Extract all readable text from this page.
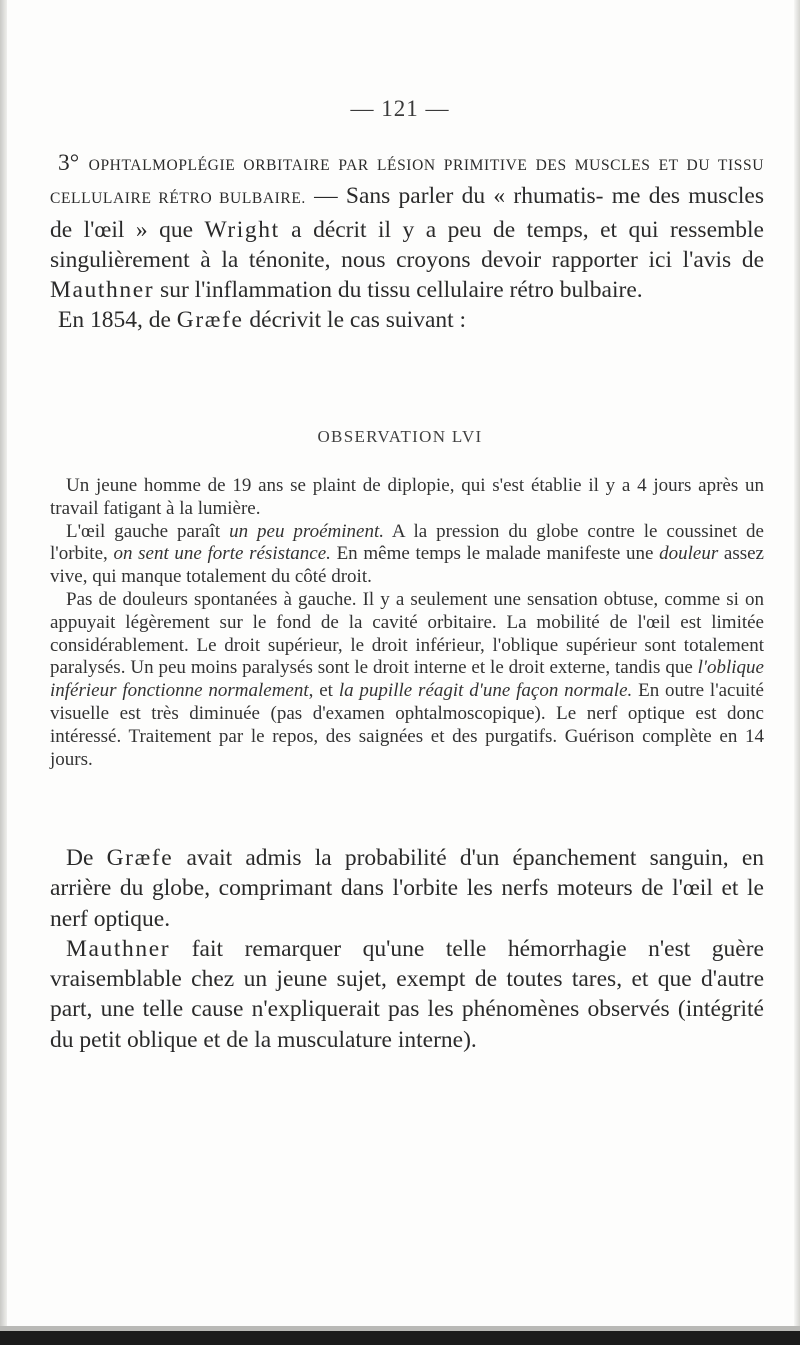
— 121 —
3° OPHTALMOPLÉGIE ORBITAIRE PAR LÉSION PRIMITIVE DES MUSCLES ET DU TISSU CELLULAIRE RÉTRO BULBAIRE. — Sans parler du « rhumatis- me des muscles de l'œil » que Wright a décrit il y a peu de temps, et qui ressemble singulièrement à la ténonite, nous croyons devoir rapporter ici l'avis de Mauthner sur l'inflammation du tissu cellulaire rétro bulbaire.
En 1854, de Græfe décrivit le cas suivant :
OBSERVATION LVI

Un jeune homme de 19 ans se plaint de diplopie, qui s'est établie il y a 4 jours après un travail fatigant à la lumière.

L'œil gauche paraît un peu proéminent. A la pression du globe contre le coussinet de l'orbite, on sent une forte résistance. En même temps le malade manifeste une douleur assez vive, qui manque totalement du côté droit.

Pas de douleurs spontanées à gauche. Il y a seulement une sensation obtuse, comme si on appuyait légèrement sur le fond de la cavité orbitaire. La mobilité de l'œil est limitée considérablement. Le droit supérieur, le droit inférieur, l'oblique supérieur sont totalement paralysés. Un peu moins paralysés sont le droit interne et le droit externe, tandis que l'oblique inférieur fonctionne normalement, et la pupille réagit d'une façon normale. En outre l'acuité visuelle est très diminuée (pas d'examen ophtalmoscopique). Le nerf optique est donc intéressé. Traitement par le repos, des saignées et des purgatifs. Guérison complète en 14 jours.

De Græfe avait admis la probabilité d'un épanchement sanguin, en arrière du globe, comprimant dans l'orbite les nerfs moteurs de l'œil et le nerf optique.

Mauthner fait remarquer qu'une telle hémorrhagie n'est guère vraisemblable chez un jeune sujet, exempt de toutes tares, et que d'autre part, une telle cause n'expliquerait pas les phénomènes observés (intégrité du petit oblique et de la musculature interne).
